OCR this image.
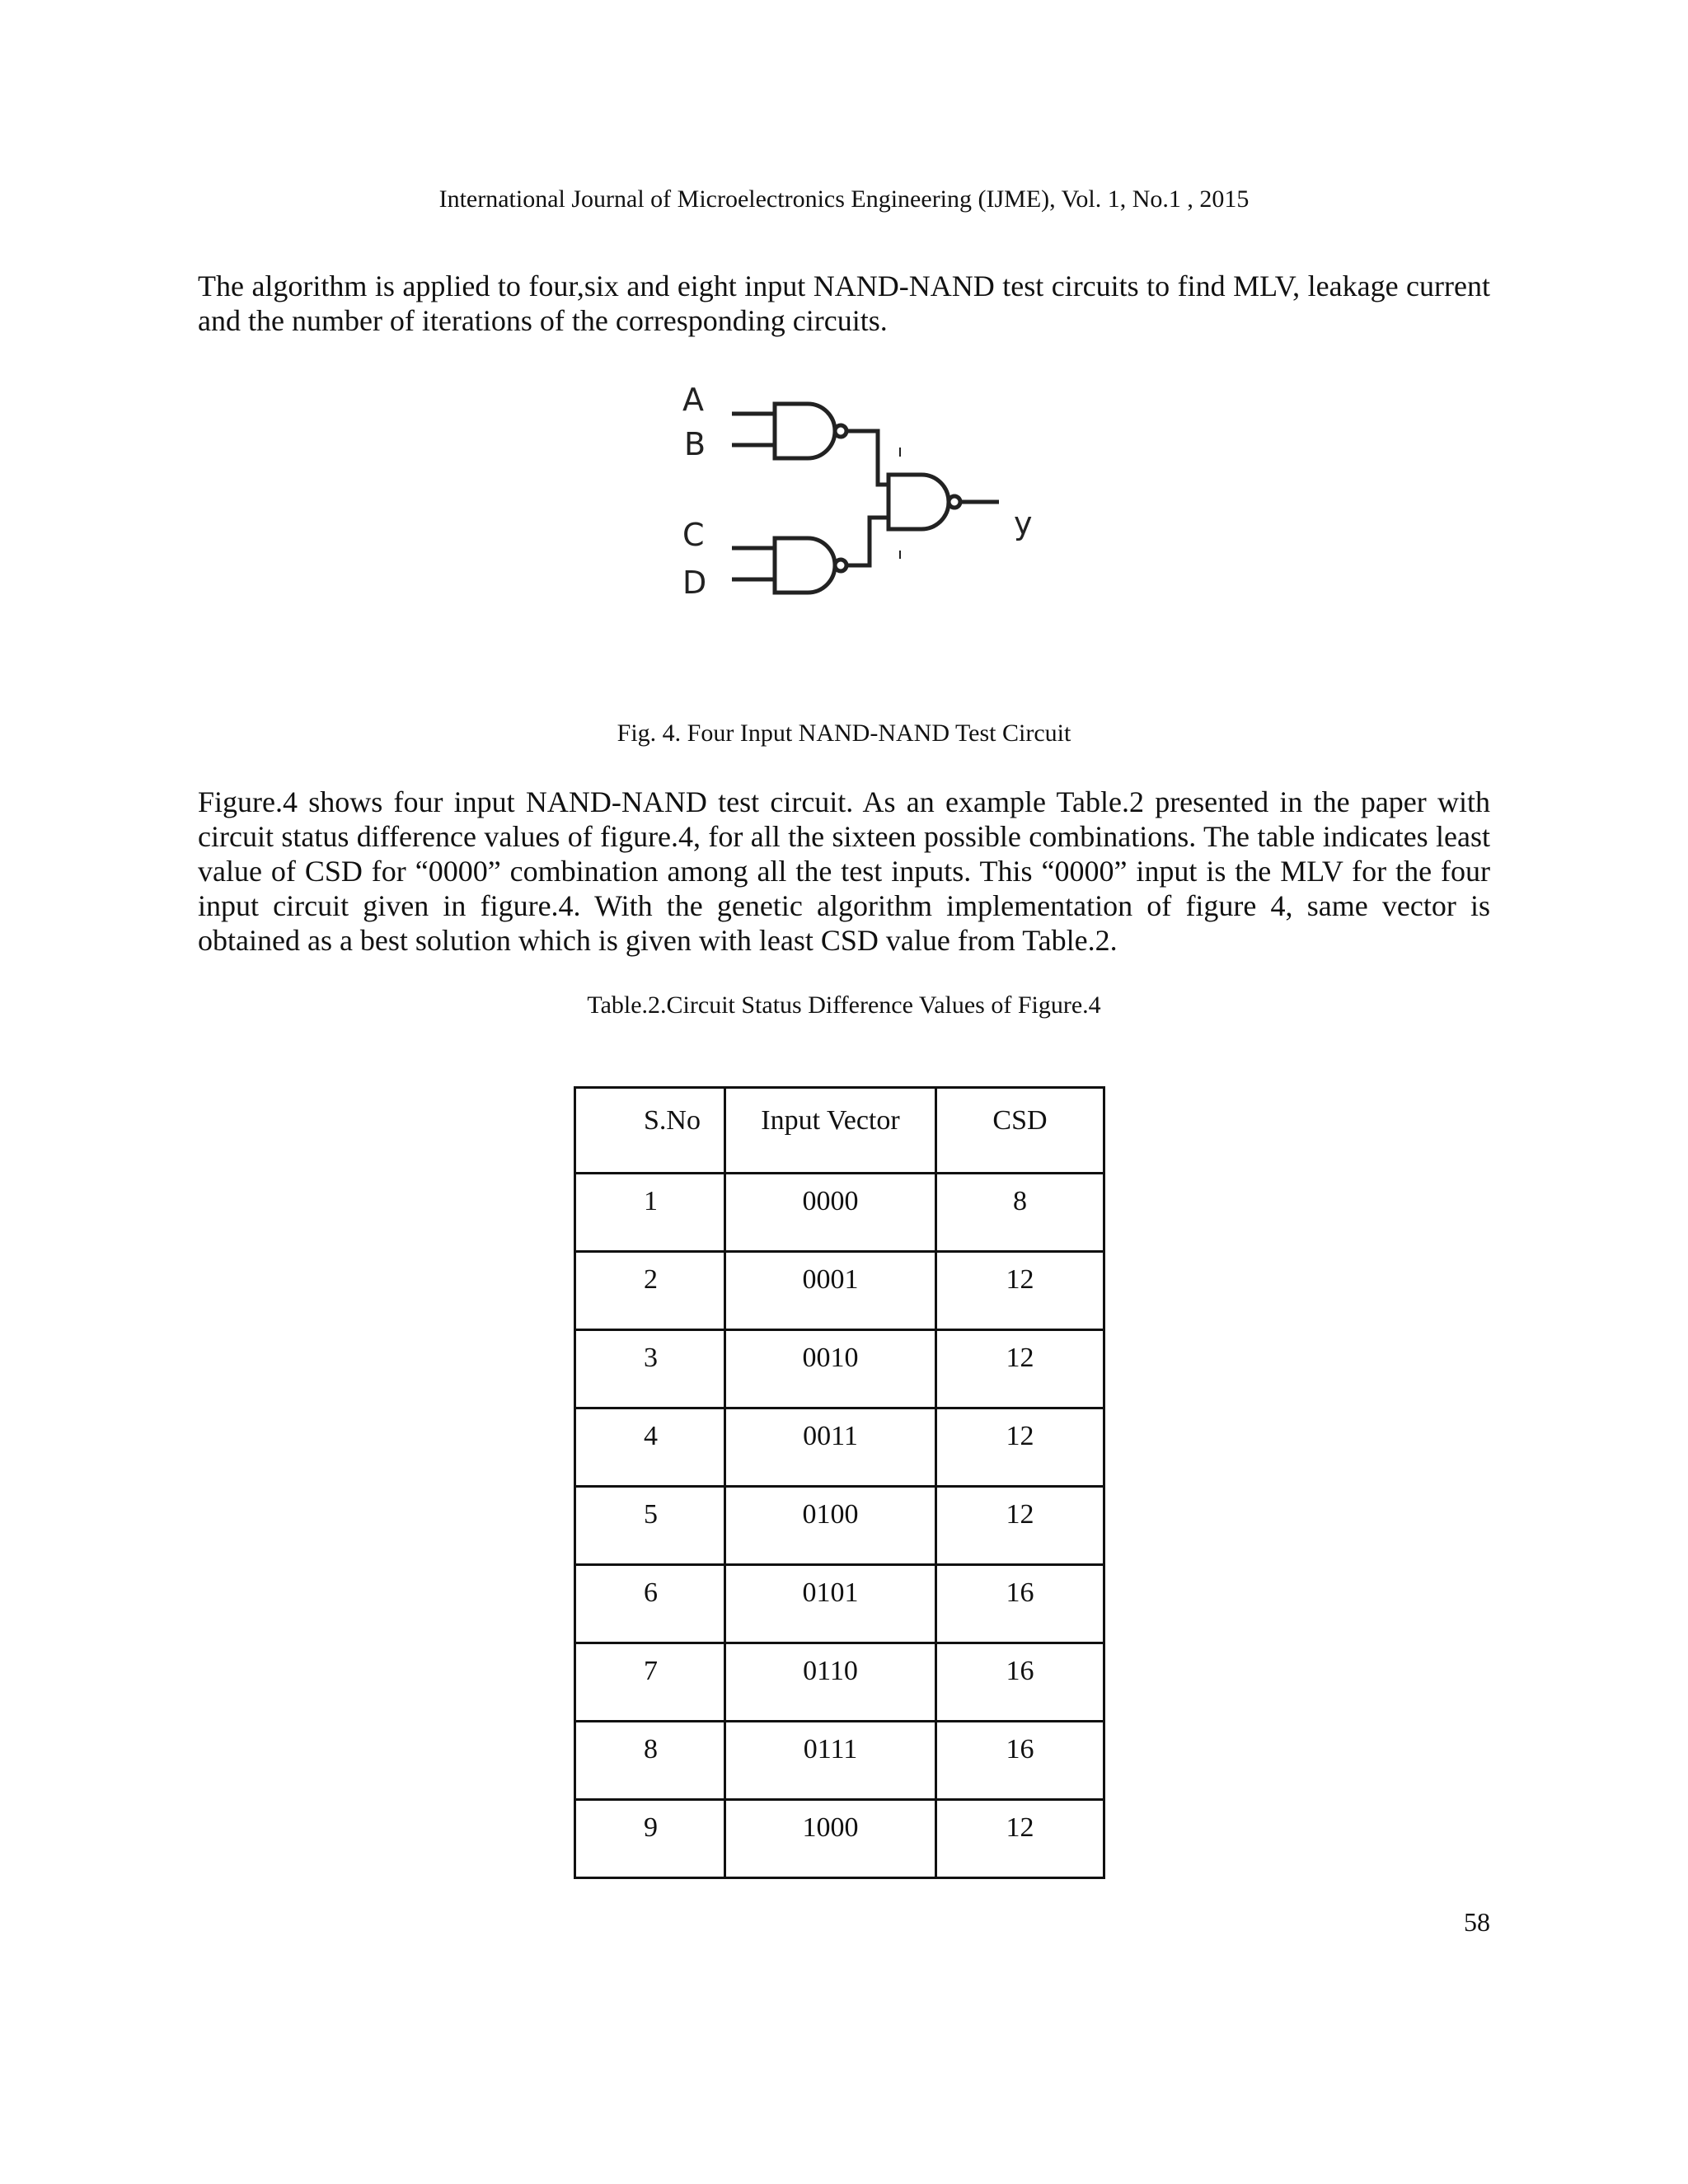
International Journal of Microelectronics Engineering (IJME), Vol. 1, No.1 , 2015

The algorithm is applied to four,six and eight input NAND-NAND test circuits to find MLV, leakage current and the number of iterations of the corresponding circuits.

A
B
C
D
y
Fig. 4. Four Input NAND-NAND Test Circuit

Figure.4 shows four input NAND-NAND test circuit. As an example Table.2 presented in the paper with circuit status difference values of figure.4, for all the sixteen possible combinations. The table indicates least value of CSD for “0000” combination among all the test inputs. This “0000” input is the MLV for the four input circuit given in figure.4. With the genetic algorithm implementation of figure 4, same vector is obtained as a best solution which is given with least CSD value from Table.2.

Table.2.Circuit Status Difference Values of Figure.4
S.No	Input Vector	CSD
1	0000	8
2	0001	12
3	0010	12
4	0011	12
5	0100	12
6	0101	16
7	0110	16
8	0111	16
9	1000	12
58
